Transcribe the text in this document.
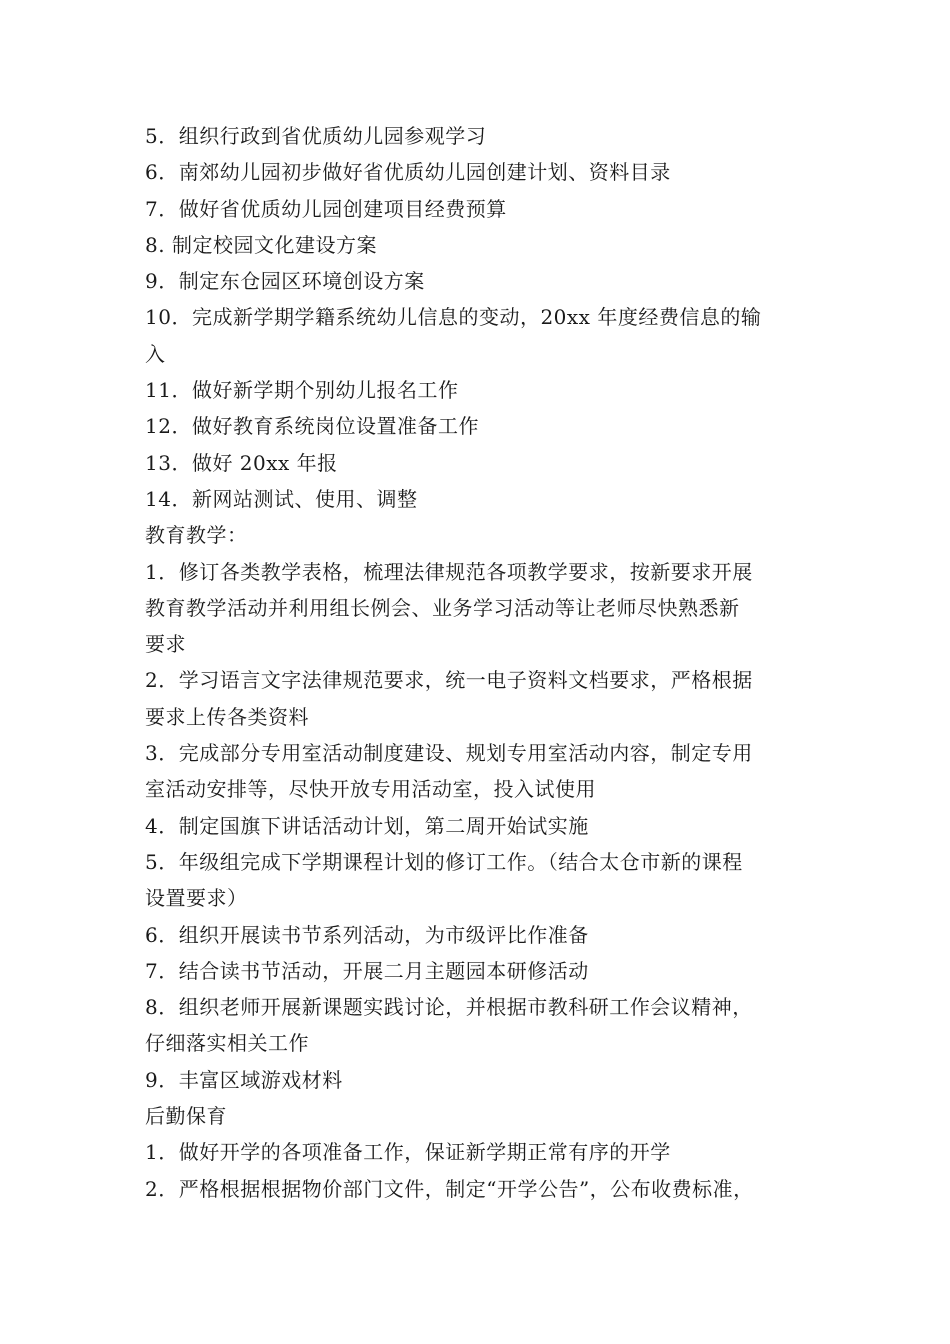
5．组织行政到省优质幼儿园参观学习
6．南郊幼儿园初步做好省优质幼儿园创建计划、资料目录
7．做好省优质幼儿园创建项目经费预算
8. 制定校园文化建设方案
9．制定东仓园区环境创设方案
10．完成新学期学籍系统幼儿信息的变动，20xx 年度经费信息的输
入
11．做好新学期个别幼儿报名工作
12．做好教育系统岗位设置准备工作
13．做好 20xx 年报
14．新网站测试、使用、调整
教育教学：
1．修订各类教学表格，梳理法律规范各项教学要求，按新要求开展
教育教学活动并利用组长例会、业务学习活动等让老师尽快熟悉新
要求
2．学习语言文字法律规范要求，统一电子资料文档要求，严格根据
要求上传各类资料
3．完成部分专用室活动制度建设、规划专用室活动内容，制定专用
室活动安排等，尽快开放专用活动室，投入试使用
4．制定国旗下讲话活动计划，第二周开始试实施
5．年级组完成下学期课程计划的修订工作。（结合太仓市新的课程
设置要求）
6．组织开展读书节系列活动，为市级评比作准备
7．结合读书节活动，开展二月主题园本研修活动
8．组织老师开展新课题实践讨论，并根据市教科研工作会议精神，
仔细落实相关工作
9．丰富区域游戏材料
后勤保育
1．做好开学的各项准备工作，保证新学期正常有序的开学
2．严格根据根据物价部门文件，制定“开学公告”，公布收费标准，
